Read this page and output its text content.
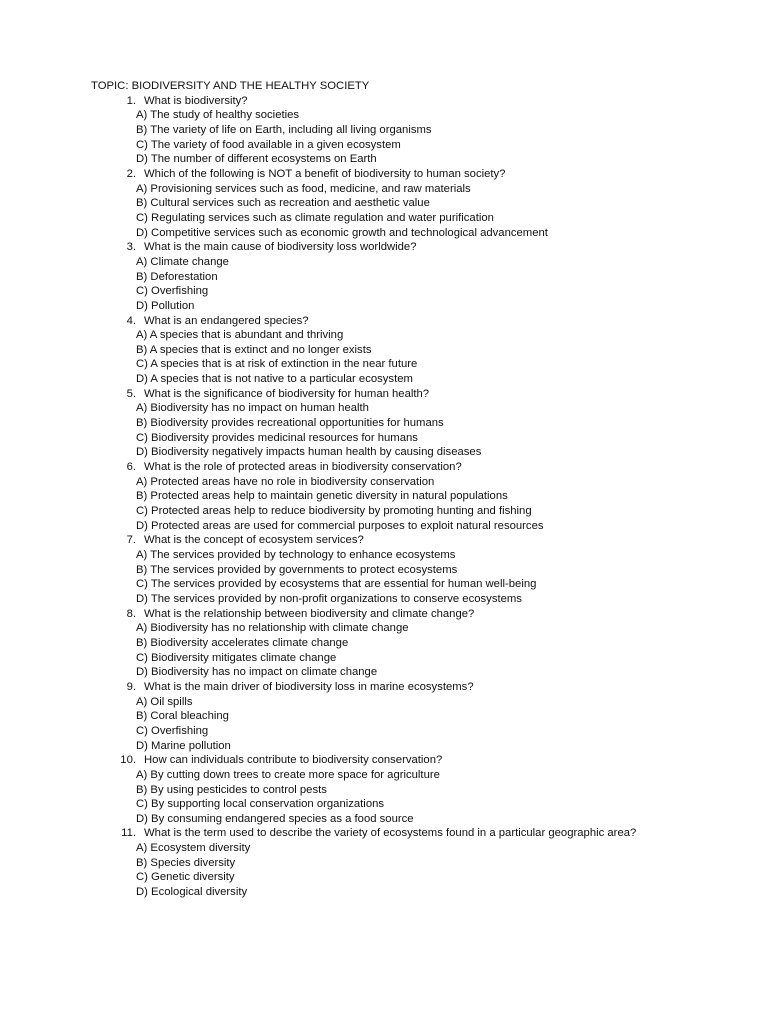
TOPIC: BIODIVERSITY AND THE HEALTHY SOCIETY

1. What is biodiversity?
A) The study of healthy societies
B) The variety of life on Earth, including all living organisms
C) The variety of food available in a given ecosystem
D) The number of different ecosystems on Earth
2. Which of the following is NOT a benefit of biodiversity to human society?
A) Provisioning services such as food, medicine, and raw materials
B) Cultural services such as recreation and aesthetic value
C) Regulating services such as climate regulation and water purification
D) Competitive services such as economic growth and technological advancement
3. What is the main cause of biodiversity loss worldwide?
A) Climate change
B) Deforestation
C) Overfishing
D) Pollution
4. What is an endangered species?
A) A species that is abundant and thriving
B) A species that is extinct and no longer exists
C) A species that is at risk of extinction in the near future
D) A species that is not native to a particular ecosystem
5. What is the significance of biodiversity for human health?
A) Biodiversity has no impact on human health
B) Biodiversity provides recreational opportunities for humans
C) Biodiversity provides medicinal resources for humans
D) Biodiversity negatively impacts human health by causing diseases
6. What is the role of protected areas in biodiversity conservation?
A) Protected areas have no role in biodiversity conservation
B) Protected areas help to maintain genetic diversity in natural populations
C) Protected areas help to reduce biodiversity by promoting hunting and fishing
D) Protected areas are used for commercial purposes to exploit natural resources
7. What is the concept of ecosystem services?
A) The services provided by technology to enhance ecosystems
B) The services provided by governments to protect ecosystems
C) The services provided by ecosystems that are essential for human well-being
D) The services provided by non-profit organizations to conserve ecosystems
8. What is the relationship between biodiversity and climate change?
A) Biodiversity has no relationship with climate change
B) Biodiversity accelerates climate change
C) Biodiversity mitigates climate change
D) Biodiversity has no impact on climate change
9. What is the main driver of biodiversity loss in marine ecosystems?
A) Oil spills
B) Coral bleaching
C) Overfishing
D) Marine pollution
10. How can individuals contribute to biodiversity conservation?
A) By cutting down trees to create more space for agriculture
B) By using pesticides to control pests
C) By supporting local conservation organizations
D) By consuming endangered species as a food source
11. What is the term used to describe the variety of ecosystems found in a particular geographic area?
A) Ecosystem diversity
B) Species diversity
C) Genetic diversity
D) Ecological diversity
